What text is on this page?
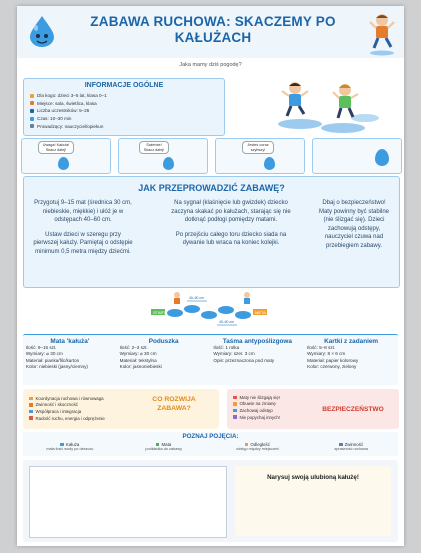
ZABAWA RUCHOWA: SKACZEMY PO
KAŁUŻACH
Jaka mamy dziś pogodę?
INFORMACJE OGÓLNE
Dla kogo: dzieci 3–5 lat, klasa 0–1
Miejsce: sala, świetlica, klasa
Liczba uczestników: 5–25
Czas: 10–30 min
Prowadzący: nauczyciel/opiekun
Uwaga! Kałuża! Skacz dalej!
Świetnie! Skacz dalej!
Jesteś coraz szybszy!
JAK PRZEPROWADZIĆ ZABAWĘ?
Przygotuj 9–15 mat (średnica 30 cm, niebieskie, miękkie) i ułóż je w odstępach 40–60 cm.
Ustaw dzieci w szeregu przy pierwszej kałuży. Pamiętaj o odstępie minimum 0,5 metra między dziećmi.
Na sygnał (klaśnięcie lub gwizdek) dziecko zaczyna skakać po kałużach, starając się nie dotknąć podłogi pomiędzy matami.
Po przejściu całego toru dziecko siada na dywanie lub wraca na koniec kolejki.
Dbaj o bezpieczeństwo! Maty powinny być stabilne (nie ślizgać się). Dzieci zachowują odstępy, nauczyciel czuwa nad przebiegiem zabawy.
START	META
40–60 cm
40–60 cm
Mata 'kałuża'
Ilość: 9–15 szt.
Wymiary: ⌀ 30 cm
Materiał: pianka/filc/karton
Kolor: niebieski (jasny/ciemny)
Poduszka
Ilość: 2–3 szt.
Wymiary: ⌀ 30 cm
Materiał: tekstylna
Kolor: jasnoniebieski
Taśma antypoślizgowa
Ilość: 1 rolka
Wymiary: szer. 3 cm
Opis: przeznaczona pod maty
Kartki z zadaniem
Ilość: 5–8 szt.
Wymiary: 8 × 6 cm
Materiał: papier kolorowy
Kolor: czerwony, zielony
Koordynacja ruchowa i równowaga
Zwinność i skoczność
Współpraca i integracja
Radość ruchu, energia i odprężenie
CO ROZWIJA ZABAWA?
Maty nie ślizgają się!
Obuwie na zmianę
Zachowaj odstęp
Nie popychaj innych!
BEZPIECZEŃSTWO
POZNAJ POJĘCIA:
Kałuża
mała ilość wody po deszczu
Mata
podkładka do zabawy
Odległość
odstęp między miejscami
Zwinność
sprawność ruchowa
Narysuj swoją ulubioną kałużę!
